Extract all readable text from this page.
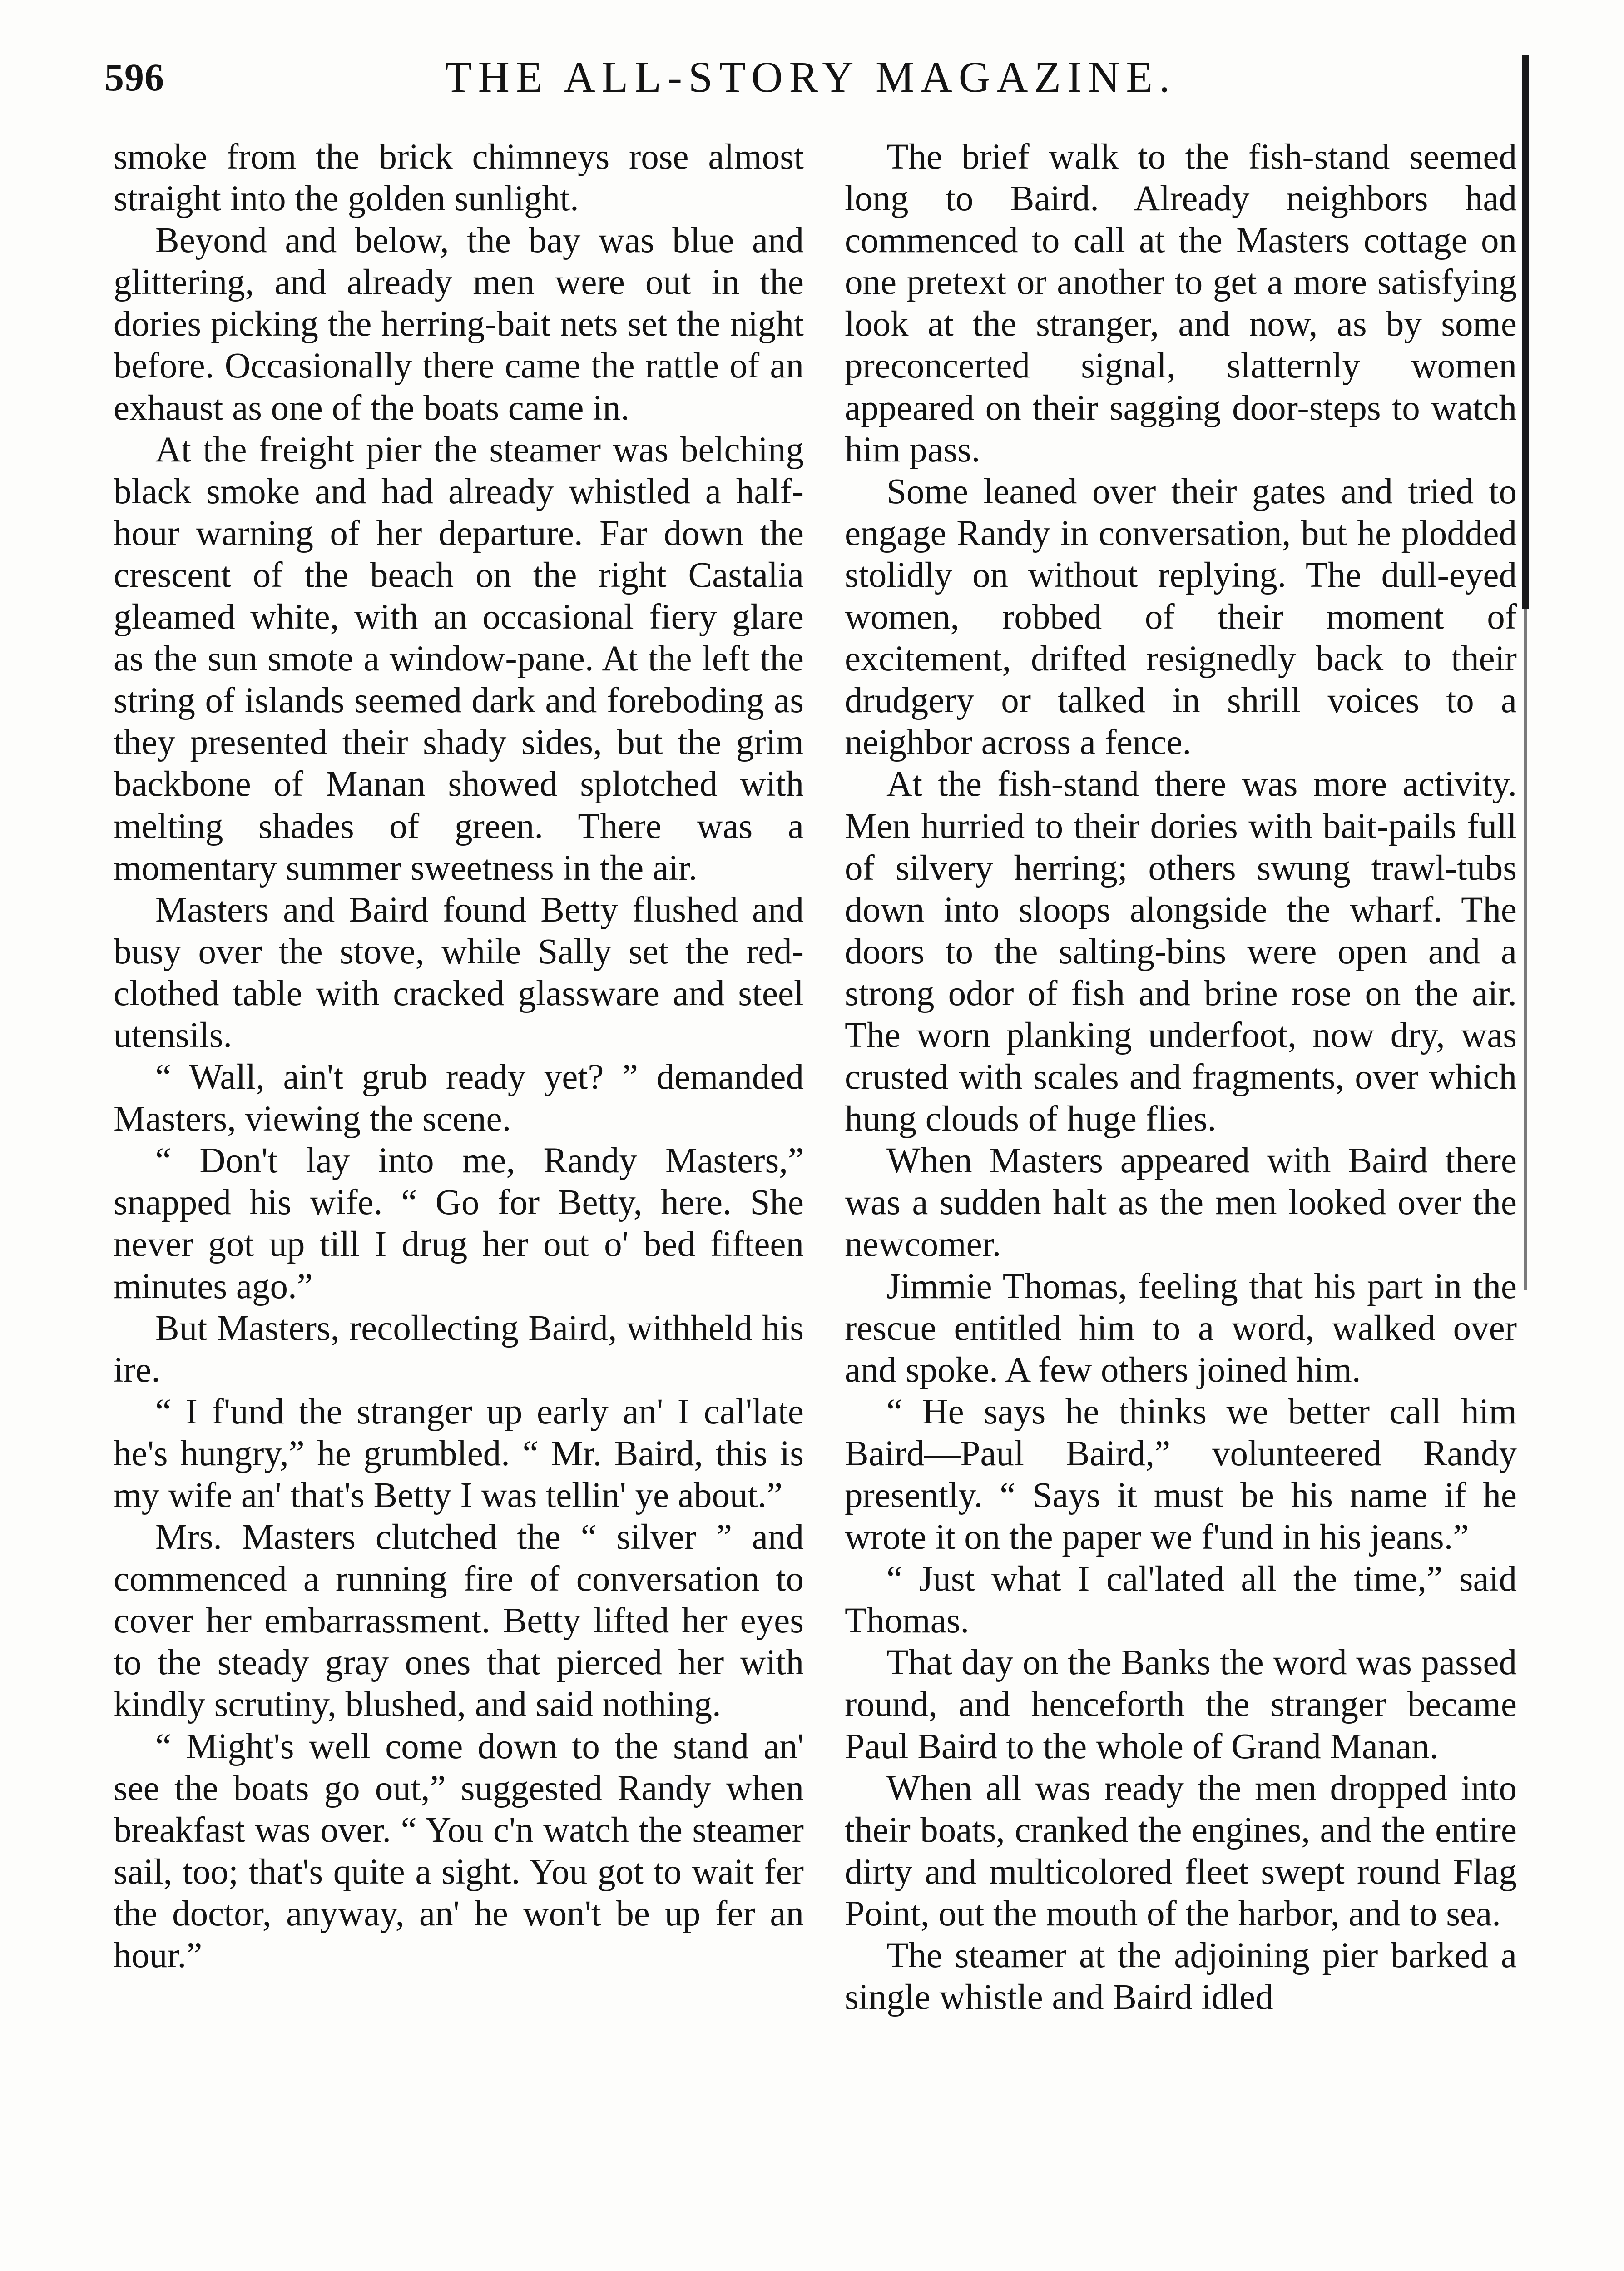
596	THE ALL-STORY MAGAZINE.

smoke from the brick chimneys rose almost straight into the golden sunlight.

Beyond and below, the bay was blue and glittering, and already men were out in the dories picking the herring-bait nets set the night before. Occasionally there came the rattle of an exhaust as one of the boats came in.

At the freight pier the steamer was belching black smoke and had already whistled a half-hour warning of her departure. Far down the crescent of the beach on the right Castalia gleamed white, with an occasional fiery glare as the sun smote a window-pane. At the left the string of islands seemed dark and foreboding as they presented their shady sides, but the grim backbone of Manan showed splotched with melting shades of green. There was a momentary summer sweetness in the air.

Masters and Baird found Betty flushed and busy over the stove, while Sally set the red-clothed table with cracked glassware and steel utensils.

“ Wall, ain't grub ready yet? ” demanded Masters, viewing the scene.

“ Don't lay into me, Randy Masters,” snapped his wife. “ Go for Betty, here. She never got up till I drug her out o' bed fifteen minutes ago.”

But Masters, recollecting Baird, withheld his ire.

“ I f'und the stranger up early an' I cal'late he's hungry,” he grumbled. “ Mr. Baird, this is my wife an' that's Betty I was tellin' ye about.”

Mrs. Masters clutched the “ silver ” and commenced a running fire of conversation to cover her embarrassment. Betty lifted her eyes to the steady gray ones that pierced her with kindly scrutiny, blushed, and said nothing.

“ Might's well come down to the stand an' see the boats go out,” suggested Randy when breakfast was over. “ You c'n watch the steamer sail, too; that's quite a sight. You got to wait fer the doctor, anyway, an' he won't be up fer an hour.”

The brief walk to the fish-stand seemed long to Baird. Already neighbors had commenced to call at the Masters cottage on one pretext or another to get a more satisfying look at the stranger, and now, as by some preconcerted signal, slatternly women appeared on their sagging door-steps to watch him pass.

Some leaned over their gates and tried to engage Randy in conversation, but he plodded stolidly on without replying. The dull-eyed women, robbed of their moment of excitement, drifted resignedly back to their drudgery or talked in shrill voices to a neighbor across a fence.

At the fish-stand there was more activity. Men hurried to their dories with bait-pails full of silvery herring; others swung trawl-tubs down into sloops alongside the wharf. The doors to the salting-bins were open and a strong odor of fish and brine rose on the air. The worn planking underfoot, now dry, was crusted with scales and fragments, over which hung clouds of huge flies.

When Masters appeared with Baird there was a sudden halt as the men looked over the newcomer.

Jimmie Thomas, feeling that his part in the rescue entitled him to a word, walked over and spoke. A few others joined him.

“ He says he thinks we better call him Baird—Paul Baird,” volunteered Randy presently. “ Says it must be his name if he wrote it on the paper we f'und in his jeans.”

“ Just what I cal'lated all the time,” said Thomas.

That day on the Banks the word was passed round, and henceforth the stranger became Paul Baird to the whole of Grand Manan.

When all was ready the men dropped into their boats, cranked the engines, and the entire dirty and multicolored fleet swept round Flag Point, out the mouth of the harbor, and to sea.

The steamer at the adjoining pier barked a single whistle and Baird idled
